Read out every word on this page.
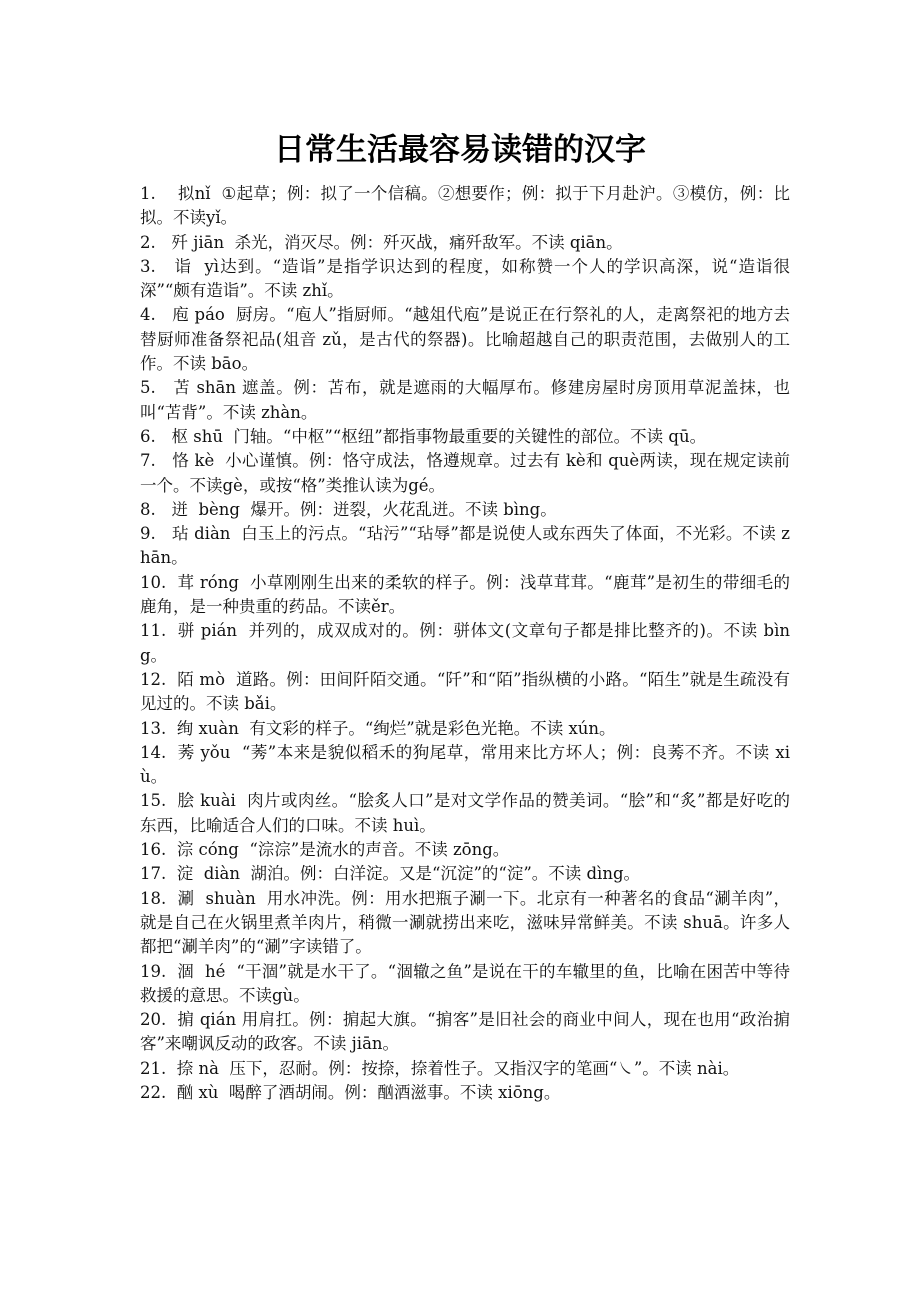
日常生活最容易读错的汉字

1.    拟nǐ  ①起草；例：拟了一个信稿。②想要作；例：拟于下月赴沪。③模仿，例：比拟。不读yǐ。

2.   歼 jiān  杀光，消灭尽。例：歼灭战，痛歼敌军。不读 qiān。

3.   诣  yì达到。“造诣”是指学识达到的程度，如称赞一个人的学识高深，说“造诣很深”“颇有造诣”。不读 zhǐ。

4.   庖 páo  厨房。“庖人”指厨师。“越俎代庖”是说正在行祭礼的人，走离祭祀的地方去替厨师准备祭祀品(俎音 zǔ，是古代的祭器)。比喻超越自己的职责范围，去做别人的工作。不读 bāo。

5.   苫 shān 遮盖。例：苫布，就是遮雨的大幅厚布。修建房屋时房顶用草泥盖抹，也叫“苫背”。不读 zhàn。

6.   枢 shū  门轴。“中枢”“枢纽”都指事物最重要的关键性的部位。不读 qū。

7.   恪 kè  小心谨慎。例：恪守成法，恪遵规章。过去有 kè和 què两读，现在规定读前一个。不读gè，或按“格”类推认读为gé。

8.   迸  bèng  爆开。例：迸裂，火花乱迸。不读 bìng。

9.   玷 diàn  白玉上的污点。“玷污”“玷辱”都是说使人或东西失了体面，不光彩。不读 zhān。

10.  茸 róng  小草刚刚生出来的柔软的样子。例：浅草茸茸。“鹿茸”是初生的带细毛的鹿角，是一种贵重的药品。不读ěr。

11.  骈 pián  并列的，成双成对的。例：骈体文(文章句子都是排比整齐的)。不读 bìng。

12.  陌 mò  道路。例：田间阡陌交通。“阡”和“陌”指纵横的小路。“陌生”就是生疏没有见过的。不读 bǎi。

13.  绚 xuàn  有文彩的样子。“绚烂”就是彩色光艳。不读 xún。

14.  莠 yǒu  “莠”本来是貌似稻禾的狗尾草，常用来比方坏人；例：良莠不齐。不读 xiù。

15.  脍 kuài  肉片或肉丝。“脍炙人口”是对文学作品的赞美词。“脍”和“炙”都是好吃的东西，比喻适合人们的口味。不读 huì。

16.  淙 cóng  “淙淙”是流水的声音。不读 zōng。

17.  淀  diàn  湖泊。例：白洋淀。又是“沉淀”的“淀”。不读 dìng。

18.  涮  shuàn  用水冲洗。例：用水把瓶子涮一下。北京有一种著名的食品“涮羊肉”，就是自己在火锅里煮羊肉片，稍微一涮就捞出来吃，滋味异常鲜美。不读 shuā。许多人都把“涮羊肉”的“涮”字读错了。

19.  涸  hé  “干涸”就是水干了。“涸辙之鱼”是说在干的车辙里的鱼，比喻在困苦中等待救援的意思。不读gù。

20.  掮 qián 用肩扛。例：掮起大旗。“掮客”是旧社会的商业中间人，现在也用“政治掮客”来嘲讽反动的政客。不读 jiān。

21.  捺 nà  压下，忍耐。例：按捺，捺着性子。又指汉字的笔画“㇏”。不读 nài。

22.  酗 xù  喝醉了酒胡闹。例：酗酒滋事。不读 xiōng。
